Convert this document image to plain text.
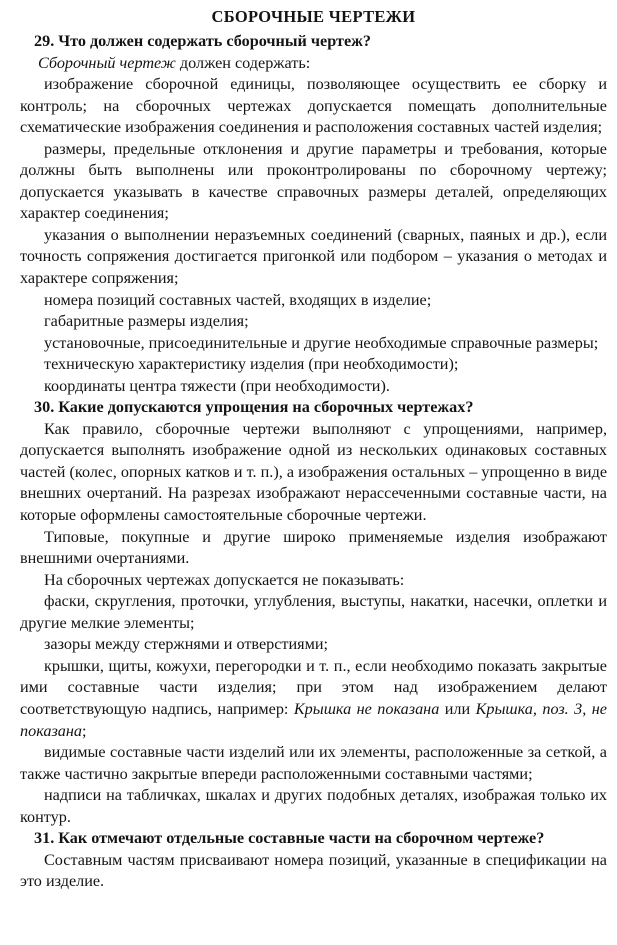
СБОРОЧНЫЕ ЧЕРТЕЖИ
29. Что должен содержать сборочный чертеж?

Сборочный чертеж должен содержать:

изображение сборочной единицы, позволяющее осуществить ее сборку и контроль; на сборочных чертежах допускается помещать дополнительные схематические изображения соединения и расположения составных частей изделия;

размеры, предельные отклонения и другие параметры и требования, которые должны быть выполнены или проконтролированы по сборочному чертежу; допускается указывать в качестве справочных размеры деталей, определяющих характер соединения;

указания о выполнении неразъемных соединений (сварных, паяных и др.), если точность сопряжения достигается пригонкой или подбором – указания о методах и характере сопряжения;

номера позиций составных частей, входящих в изделие;

габаритные размеры изделия;

установочные, присоединительные и другие необходимые справочные размеры;

техническую характеристику изделия (при необходимости);

координаты центра тяжести (при необходимости).

30. Какие допускаются упрощения на сборочных чертежах?

Как правило, сборочные чертежи выполняют с упрощениями, например, допускается выполнять изображение одной из нескольких одинаковых составных частей (колес, опорных катков и т. п.), а изображения остальных – упрощенно в виде внешних очертаний. На разрезах изображают нерассеченными составные части, на которые оформлены самостоятельные сборочные чертежи.

Типовые, покупные и другие широко применяемые изделия изображают внешними очертаниями.

На сборочных чертежах допускается не показывать:

фаски, скругления, проточки, углубления, выступы, накатки, насечки, оплетки и другие мелкие элементы;

зазоры между стержнями и отверстиями;

крышки, щиты, кожухи, перегородки и т. п., если необходимо показать закрытые ими составные части изделия; при этом над изображением делают соответствующую надпись, например: Крышка не показана или Крышка, поз. 3, не показана;

видимые составные части изделий или их элементы, расположенные за сеткой, а также частично закрытые впереди расположенными составными частями;

надписи на табличках, шкалах и других подобных деталях, изображая только их контур.

31. Как отмечают отдельные составные части на сборочном чертеже?

Составным частям присваивают номера позиций, указанные в спецификации на это изделие.
